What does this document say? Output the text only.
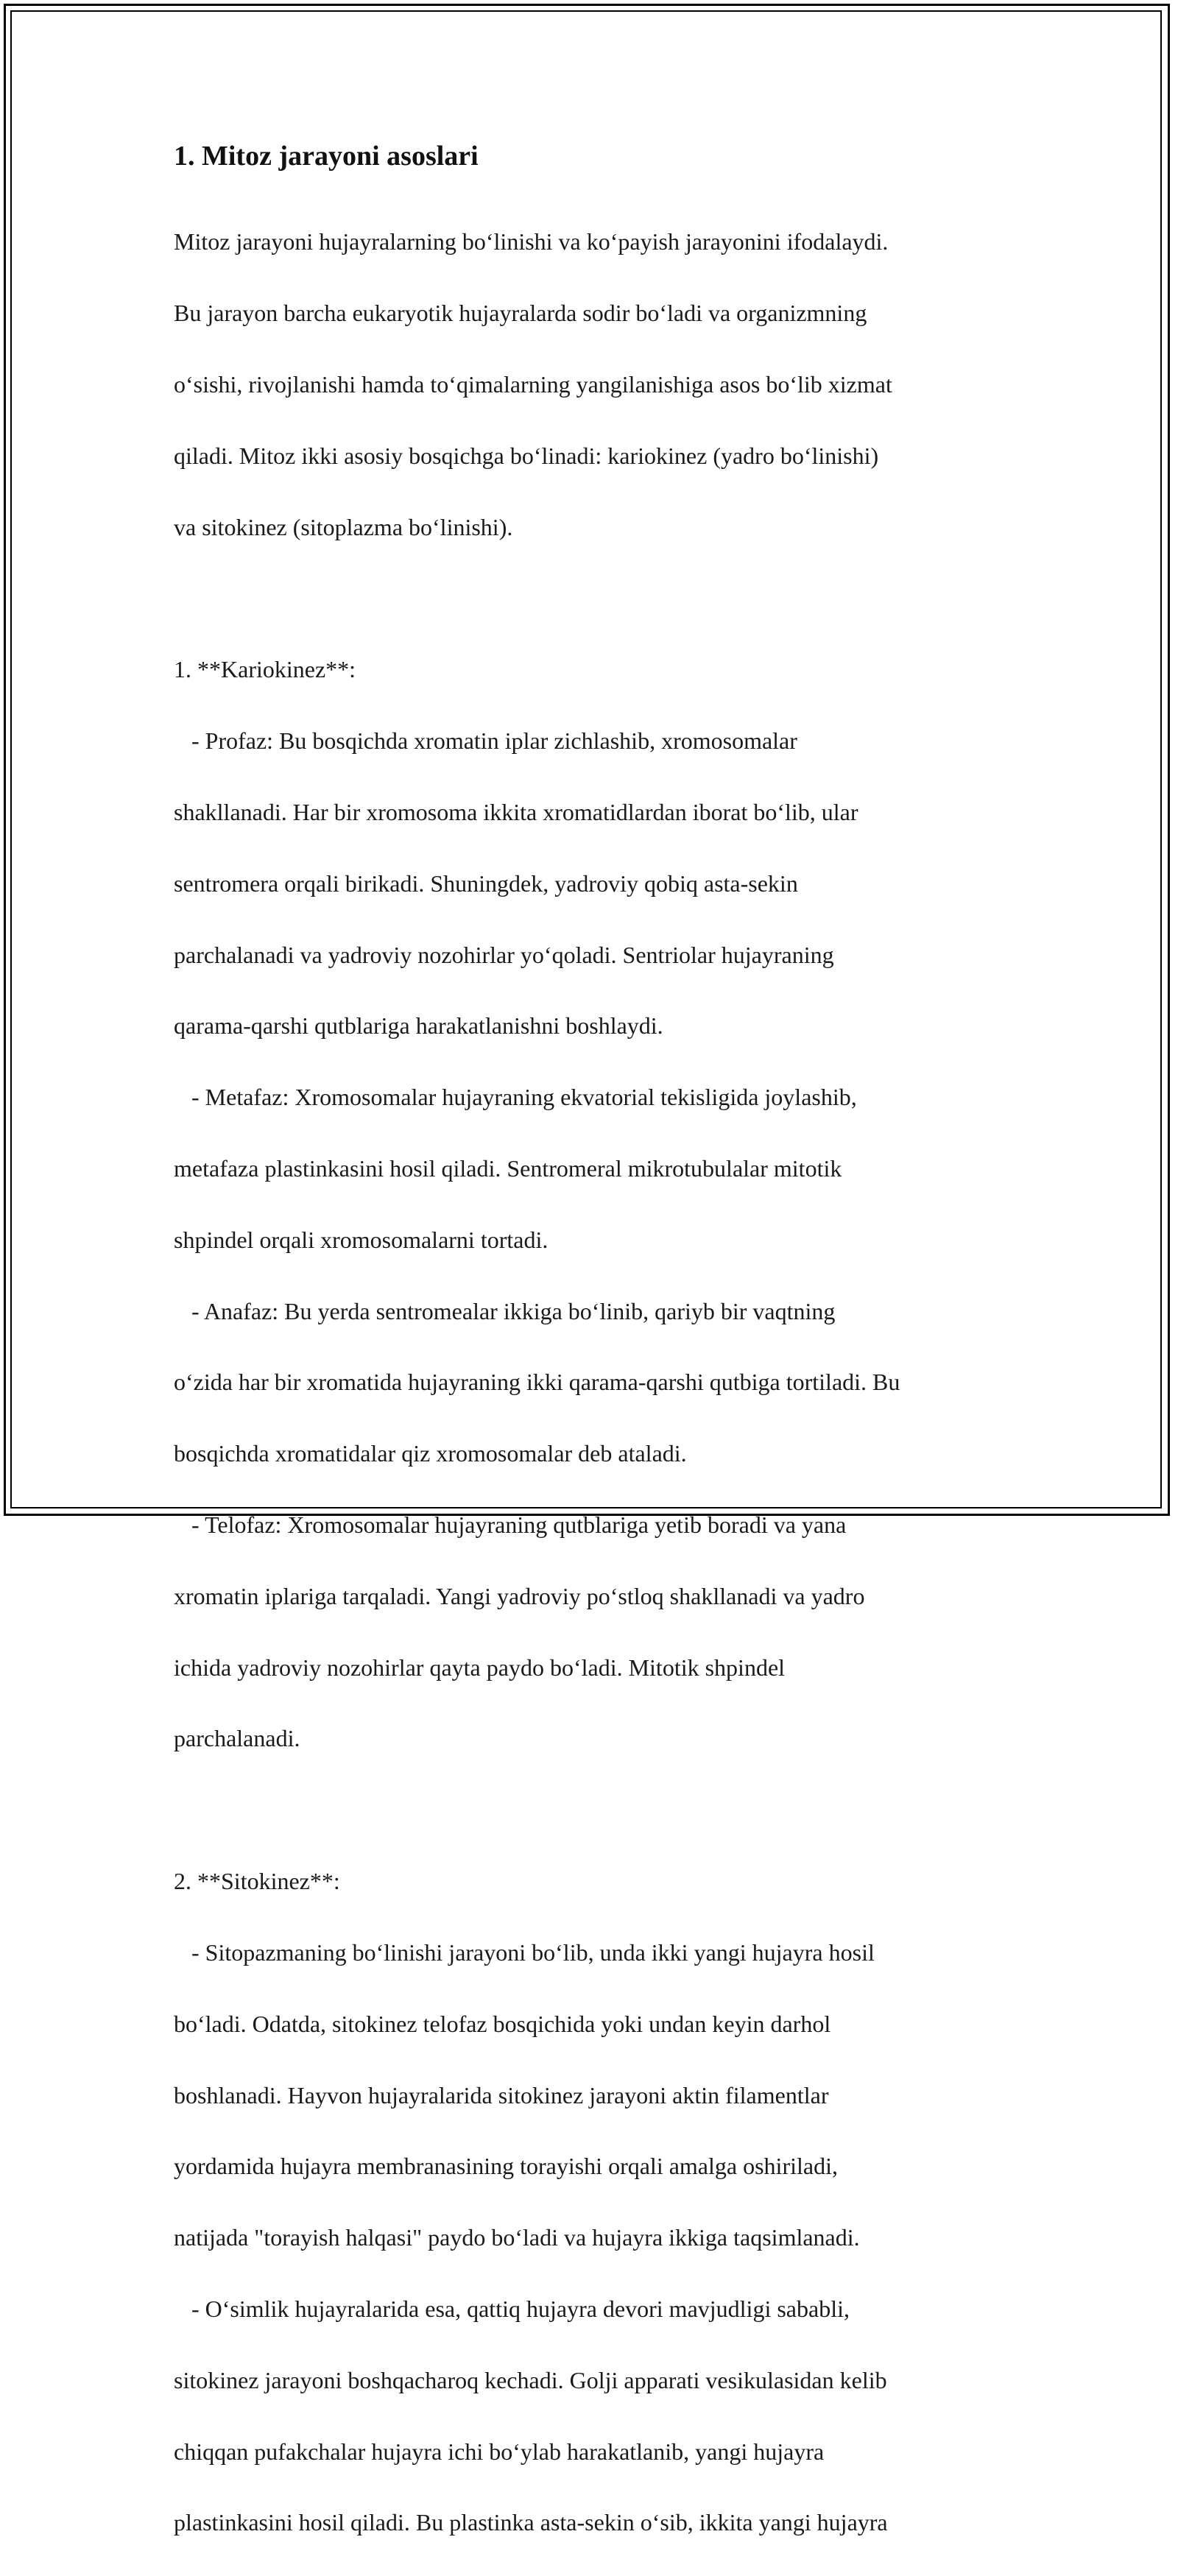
1. Mitoz jarayoni asoslari

Mitoz jarayoni hujayralarning boʻlinishi va koʻpayish jarayonini ifodalaydi.

Bu jarayon barcha eukaryotik hujayralarda sodir boʻladi va organizmning

oʻsishi, rivojlanishi hamda toʻqimalarning yangilanishiga asos boʻlib xizmat

qiladi. Mitoz ikki asosiy bosqichga boʻlinadi: kariokinez (yadro boʻlinishi)

va sitokinez (sitoplazma boʻlinishi).

1. **Kariokinez**:

- Profaz: Bu bosqichda xromatin iplar zichlashib, xromosomalar

shakllanadi. Har bir xromosoma ikkita xromatidlardan iborat boʻlib, ular

sentromera orqali birikadi. Shuningdek, yadroviy qobiq asta-sekin

parchalanadi va yadroviy nozohirlar yoʻqoladi. Sentriolar hujayraning

qarama-qarshi qutblariga harakatlanishni boshlaydi.

- Metafaz: Xromosomalar hujayraning ekvatorial tekisligida joylashib,

metafaza plastinkasini hosil qiladi. Sentromeral mikrotubulalar mitotik

shpindel orqali xromosomalarni tortadi.

- Anafaz: Bu yerda sentromealar ikkiga boʻlinib, qariyb bir vaqtning

oʻzida har bir xromatida hujayraning ikki qarama-qarshi qutbiga tortiladi. Bu

bosqichda xromatidalar qiz xromosomalar deb ataladi.

- Telofaz: Xromosomalar hujayraning qutblariga yetib boradi va yana

xromatin iplariga tarqaladi. Yangi yadroviy poʻstloq shakllanadi va yadro

ichida yadroviy nozohirlar qayta paydo boʻladi. Mitotik shpindel

parchalanadi.

2. **Sitokinez**:

- Sitopazmaning boʻlinishi jarayoni boʻlib, unda ikki yangi hujayra hosil

boʻladi. Odatda, sitokinez telofaz bosqichida yoki undan keyin darhol

boshlanadi. Hayvon hujayralarida sitokinez jarayoni aktin filamentlar

yordamida hujayra membranasining torayishi orqali amalga oshiriladi,

natijada "torayish halqasi" paydo boʻladi va hujayra ikkiga taqsimlanadi.

- Oʻsimlik hujayralarida esa, qattiq hujayra devori mavjudligi sababli,

sitokinez jarayoni boshqacharoq kechadi. Golji apparati vesikulasidan kelib

chiqqan pufakchalar hujayra ichi boʻylab harakatlanib, yangi hujayra

plastinkasini hosil qiladi. Bu plastinka asta-sekin oʻsib, ikkita yangi hujayra
